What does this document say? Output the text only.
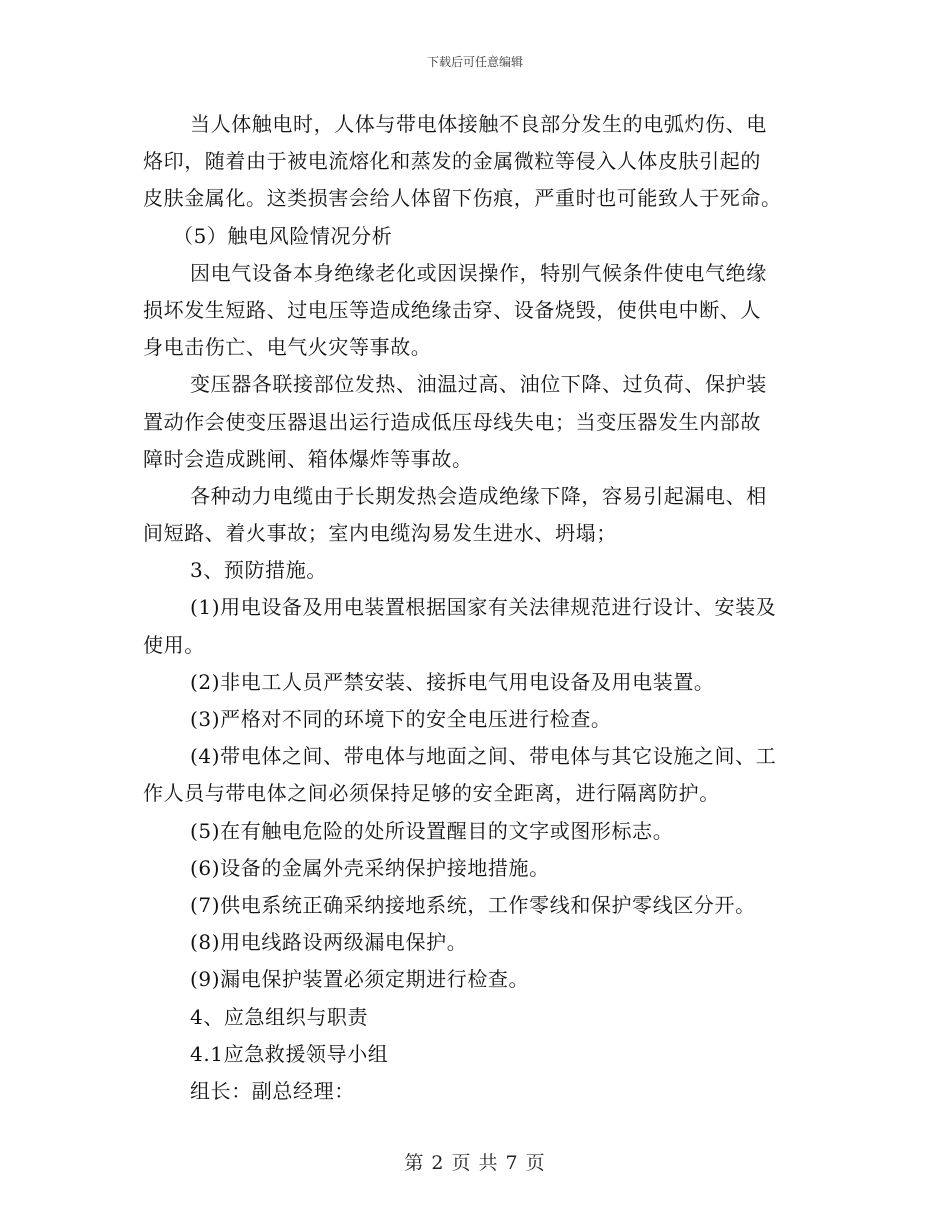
下载后可任意编辑
当人体触电时，人体与带电体接触不良部分发生的电弧灼伤、电
烙印，随着由于被电流熔化和蒸发的金属微粒等侵入人体皮肤引起的
皮肤金属化。这类损害会给人体留下伤痕，严重时也可能致人于死命。
（5）触电风险情况分析
因电气设备本身绝缘老化或因误操作，特别气候条件使电气绝缘
损坏发生短路、过电压等造成绝缘击穿、设备烧毁，使供电中断、人
身电击伤亡、电气火灾等事故。
变压器各联接部位发热、油温过高、油位下降、过负荷、保护装
置动作会使变压器退出运行造成低压母线失电；当变压器发生内部故
障时会造成跳闸、箱体爆炸等事故。
各种动力电缆由于长期发热会造成绝缘下降，容易引起漏电、相
间短路、着火事故；室内电缆沟易发生进水、坍塌；
3、预防措施。
(1)用电设备及用电装置根据国家有关法律规范进行设计、安装及
使用。
(2)非电工人员严禁安装、接拆电气用电设备及用电装置。
(3)严格对不同的环境下的安全电压进行检查。
(4)带电体之间、带电体与地面之间、带电体与其它设施之间、工
作人员与带电体之间必须保持足够的安全距离，进行隔离防护。
(5)在有触电危险的处所设置醒目的文字或图形标志。
(6)设备的金属外壳采纳保护接地措施。
(7)供电系统正确采纳接地系统，工作零线和保护零线区分开。
(8)用电线路设两级漏电保护。
(9)漏电保护装置必须定期进行检查。
4、应急组织与职责
4.1应急救援领导小组
组长：副总经理：
第 2 页 共 7 页
